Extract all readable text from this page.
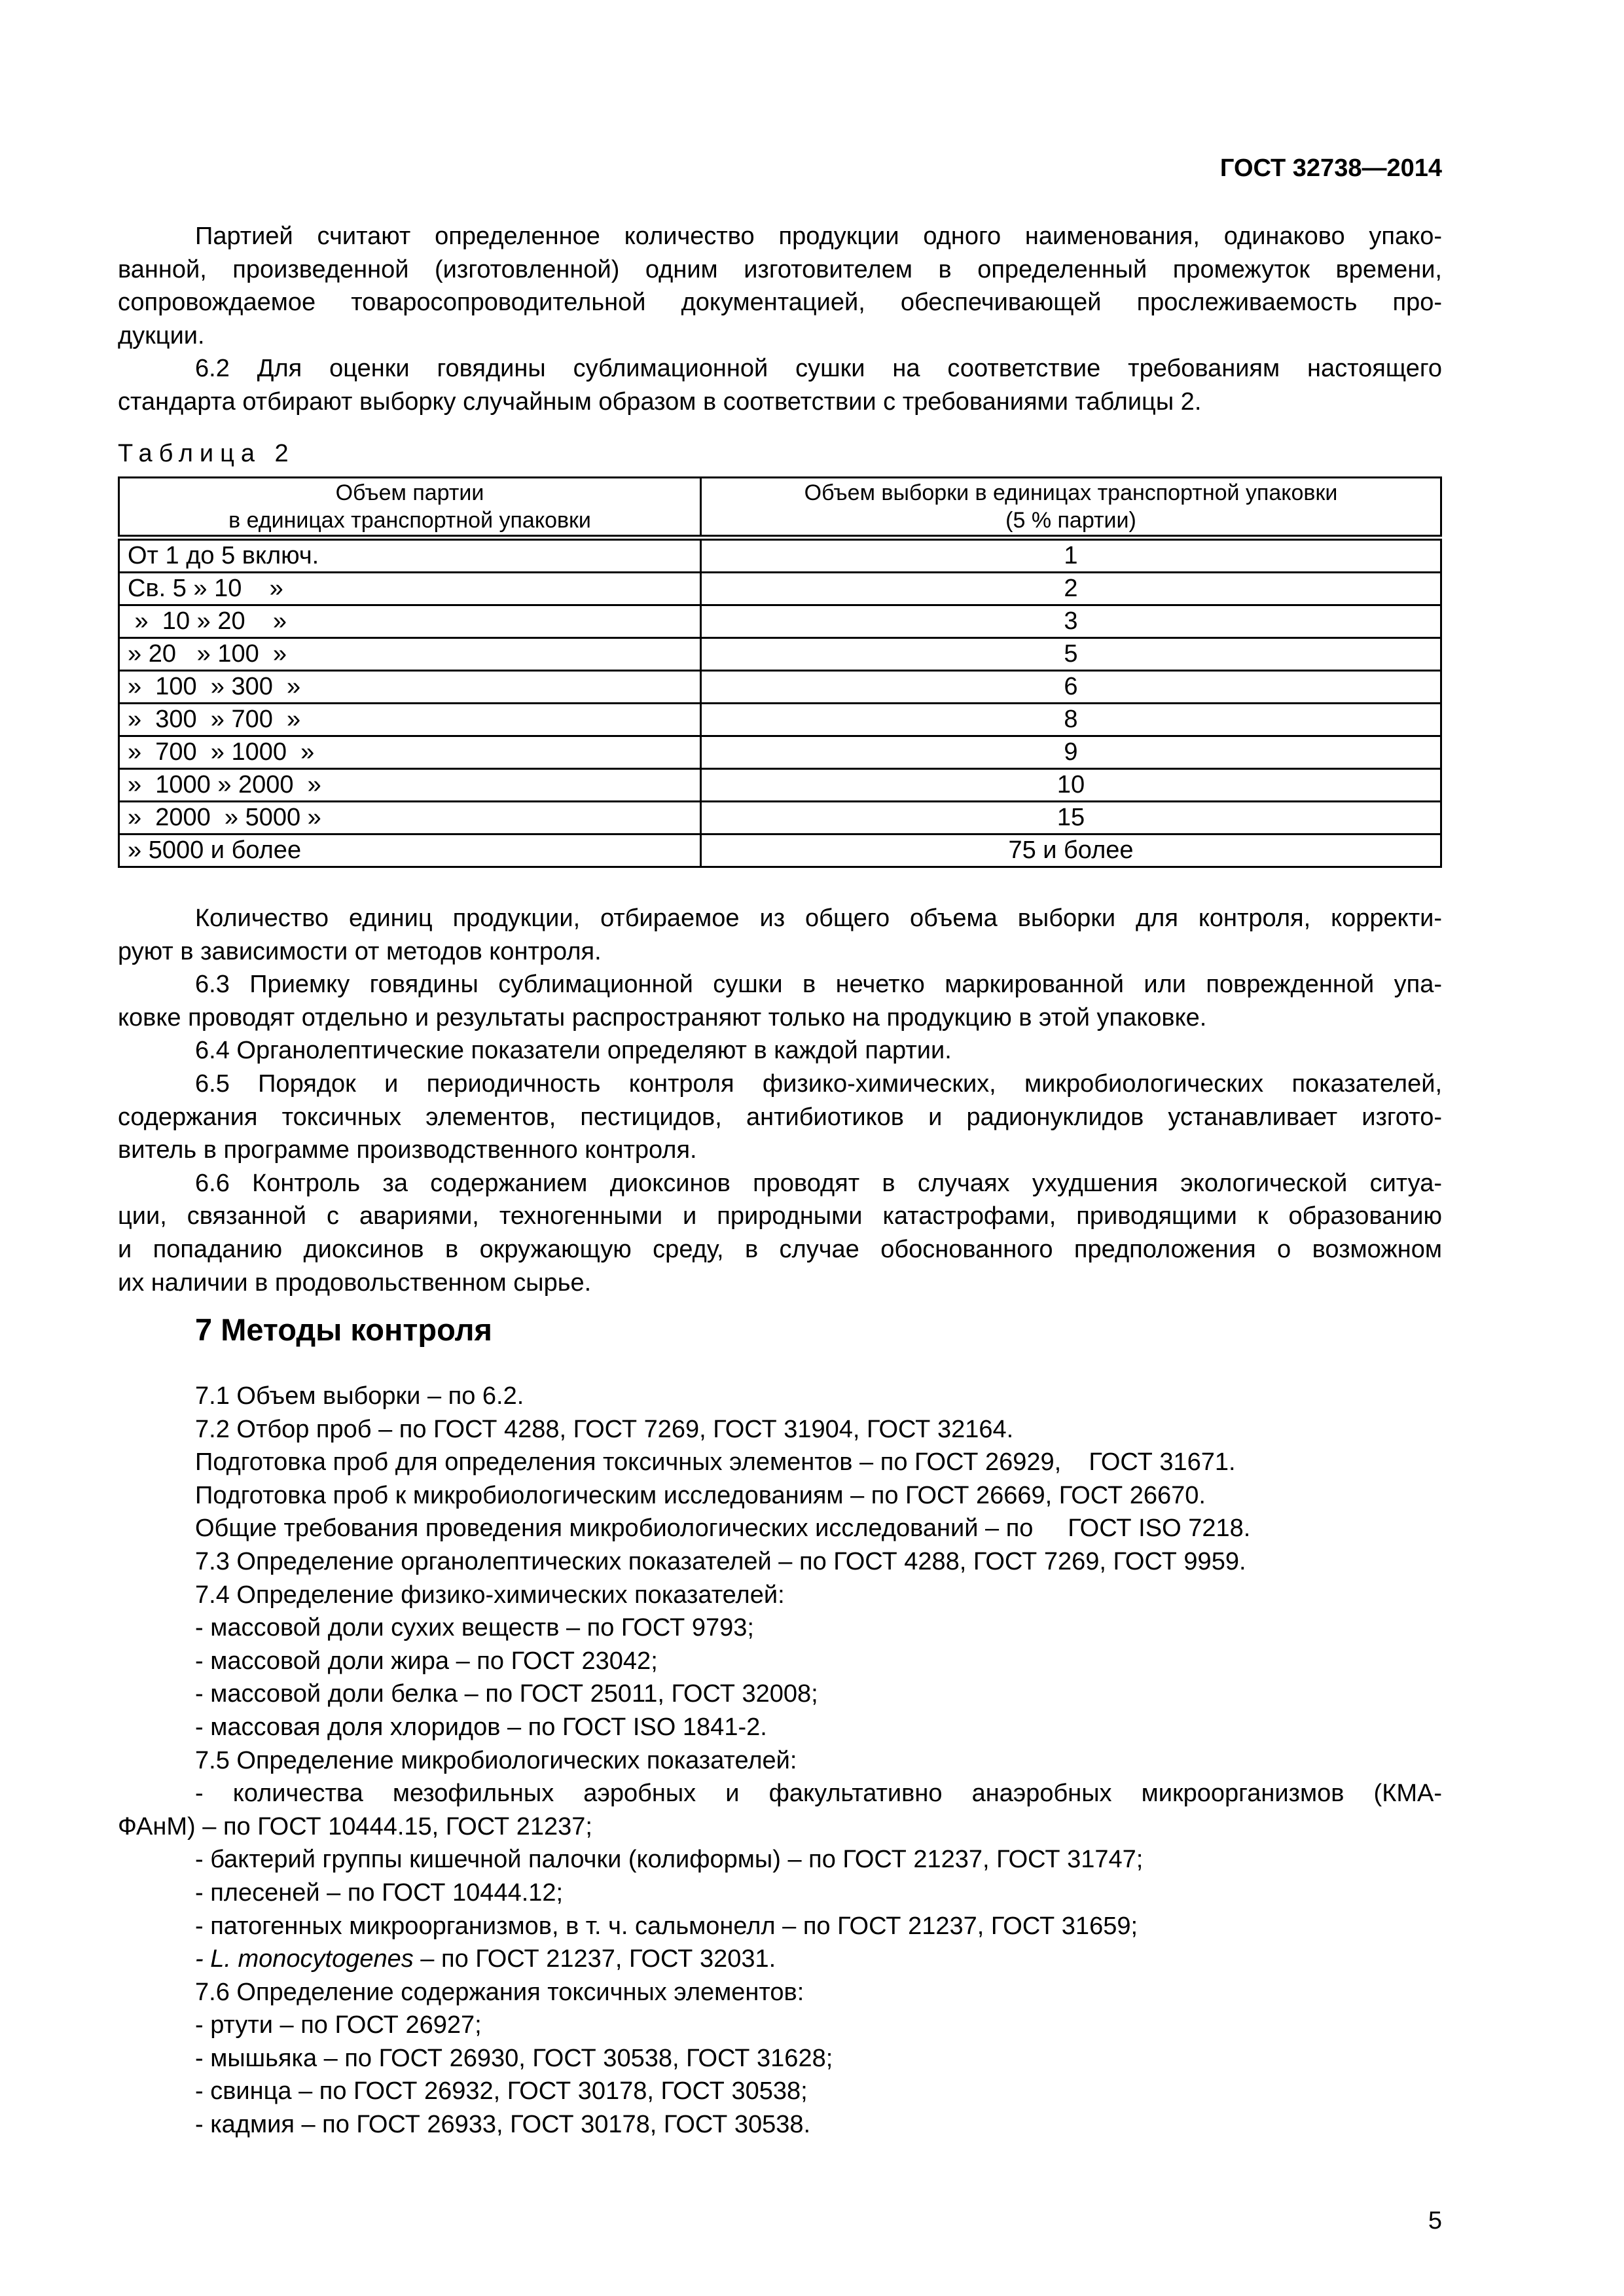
ГОСТ 32738—2014
Партией считают определенное количество продукции одного наименования, одинаково упако-
ванной, произведенной (изготовленной) одним изготовителем в определенный промежуток времени,
сопровождаемое товаросопроводительной документацией, обеспечивающей прослеживаемость про-
дукции.
6.2 Для оценки говядины сублимационной сушки на соответствие требованиям настоящего
стандарта отбирают выборку случайным образом в соответствии с требованиями таблицы 2.
Таблица 2
Объем партии
в единицах транспортной упаковки	Объем выборки в единицах транспортной упаковки
(5 % партии)
От 1 до 5 включ.	1
Св. 5 » 10    »	2
»  10 » 20    »	3
» 20   » 100  »	5
»  100  » 300  »	6
»  300  » 700  »	8
»  700  » 1000  »	9
»  1000 » 2000  »	10
»  2000  » 5000 »	15
» 5000 и более	75 и более
Количество единиц продукции, отбираемое из общего объема выборки для контроля, корректи-
руют в зависимости от методов контроля.
6.3 Приемку говядины сублимационной сушки в нечетко маркированной или поврежденной упа-
ковке проводят отдельно и результаты распространяют только на продукцию в этой упаковке.
6.4 Органолептические показатели определяют в каждой партии.
6.5 Порядок и периодичность контроля физико-химических, микробиологических показателей,
содержания токсичных элементов, пестицидов, антибиотиков и радионуклидов устанавливает изгото-
витель в программе производственного контроля.
6.6 Контроль за содержанием диоксинов проводят в случаях ухудшения экологической ситуа-
ции, связанной с авариями, техногенными и природными катастрофами, приводящими к образованию
и попаданию диоксинов в окружающую среду, в случае обоснованного предположения о возможном
их наличии в продовольственном сырье.
7 Методы контроля
7.1 Объем выборки – по 6.2.
7.2 Отбор проб – по ГОСТ 4288, ГОСТ 7269, ГОСТ 31904, ГОСТ 32164.
Подготовка проб для определения токсичных элементов – по ГОСТ 26929,    ГОСТ 31671.
Подготовка проб к микробиологическим исследованиям – по ГОСТ 26669, ГОСТ 26670.
Общие требования проведения микробиологических исследований – по     ГОСТ ISO 7218.
7.3 Определение органолептических показателей – по ГОСТ 4288, ГОСТ 7269, ГОСТ 9959.
7.4 Определение физико-химических показателей:
- массовой доли сухих веществ – по ГОСТ 9793;
- массовой доли жира – по ГОСТ 23042;
- массовой доли белка – по ГОСТ 25011, ГОСТ 32008;
- массовая доля хлоридов – по ГОСТ ISO 1841-2.
7.5 Определение микробиологических показателей:
- количества мезофильных аэробных и факультативно анаэробных микроорганизмов (КМА-
ФАнМ) – по ГОСТ 10444.15, ГОСТ 21237;
- бактерий группы кишечной палочки (колиформы) – по ГОСТ 21237, ГОСТ 31747;
- плесеней – по ГОСТ 10444.12;
- патогенных микроорганизмов, в т. ч. сальмонелл – по ГОСТ 21237, ГОСТ 31659;
- L. monocytogenes – по ГОСТ 21237, ГОСТ 32031.
7.6 Определение содержания токсичных элементов:
- ртути – по ГОСТ 26927;
- мышьяка – по ГОСТ 26930, ГОСТ 30538, ГОСТ 31628;
- свинца – по ГОСТ 26932, ГОСТ 30178, ГОСТ 30538;
- кадмия – по ГОСТ 26933, ГОСТ 30178, ГОСТ 30538.
5
